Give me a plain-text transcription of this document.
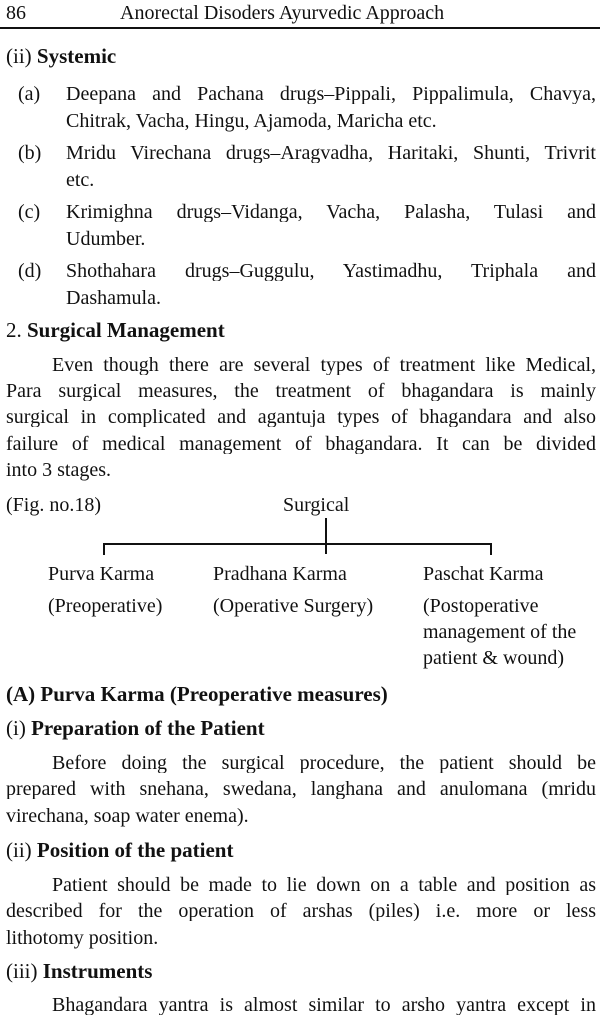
86	Anorectal Disoders Ayurvedic Approach
(ii) Systemic
(a) Deepana and Pachana drugs–Pippali, Pippalimula, Chavya,
Chitrak, Vacha, Hingu, Ajamoda, Maricha etc.
(b) Mridu Virechana drugs–Aragvadha, Haritaki, Shunti, Trivrit
etc.
(c) Krimighna drugs–Vidanga, Vacha, Palasha, Tulasi and
Udumber.
(d) Shothahara drugs–Guggulu, Yastimadhu, Triphala and
Dashamula.
2. Surgical Management
Even though there are several types of treatment like Medical,
Para surgical measures, the treatment of bhagandara is mainly
surgical in complicated and agantuja types of bhagandara and also
failure of medical management of bhagandara. It can be divided
into 3 stages.
(Fig. no.18)	Surgical
Purva Karma
(Preoperative)
Pradhana Karma
(Operative Surgery)
Paschat Karma
(Postoperative
management of the
patient & wound)
(A) Purva Karma (Preoperative measures)
(i) Preparation of the Patient
Before doing the surgical procedure, the patient should be
prepared with snehana, swedana, langhana and anulomana (mridu
virechana, soap water enema).
(ii) Position of the patient
Patient should be made to lie down on a table and position as
described for the operation of arshas (piles) i.e. more or less
lithotomy position.
(iii) Instruments
Bhagandara yantra is almost similar to arsho yantra except in
